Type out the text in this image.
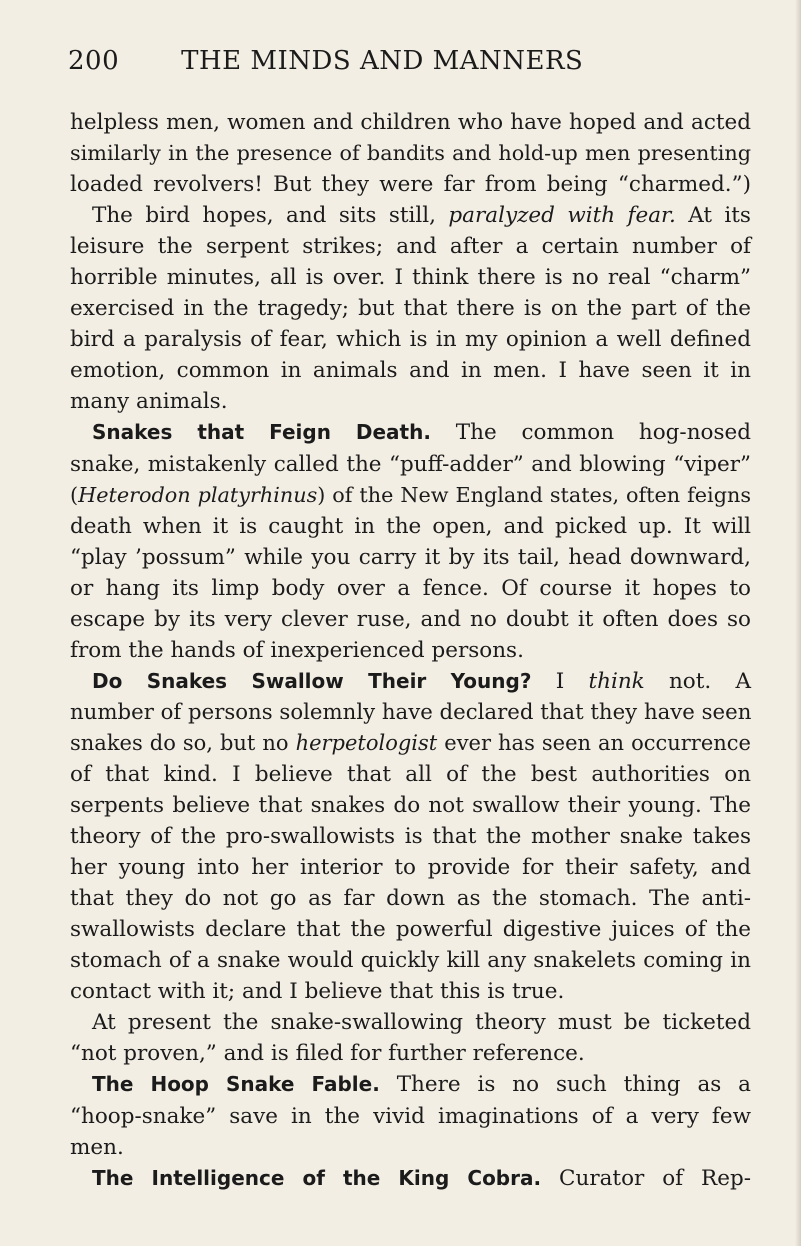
200 THE MINDS AND MANNERS
helpless men, women and children who have hoped and acted
similarly in the presence of bandits and hold-up men presenting
loaded revolvers! But they were far from being “charmed.”)
The bird hopes, and sits still, paralyzed with fear. At its
leisure the serpent strikes; and after a certain number of
horrible minutes, all is over. I think there is no real “charm”
exercised in the tragedy; but that there is on the part of the
bird a paralysis of fear, which is in my opinion a well defined
emotion, common in animals and in men. I have seen it in
many animals.
Snakes that Feign Death. The common hog-nosed
snake, mistakenly called the “puff-adder” and blowing “viper”
(Heterodon platyrhinus) of the New England states, often feigns
death when it is caught in the open, and picked up. It will
“play ’possum” while you carry it by its tail, head downward,
or hang its limp body over a fence. Of course it hopes to
escape by its very clever ruse, and no doubt it often does so
from the hands of inexperienced persons.
Do Snakes Swallow Their Young? I think not. A
number of persons solemnly have declared that they have seen
snakes do so, but no herpetologist ever has seen an occurrence
of that kind. I believe that all of the best authorities on
serpents believe that snakes do not swallow their young. The
theory of the pro-swallowists is that the mother snake takes
her young into her interior to provide for their safety, and
that they do not go as far down as the stomach. The anti-
swallowists declare that the powerful digestive juices of the
stomach of a snake would quickly kill any snakelets coming in
contact with it; and I believe that this is true.
At present the snake-swallowing theory must be ticketed
“not proven,” and is filed for further reference.
The Hoop Snake Fable. There is no such thing as a
“hoop-snake” save in the vivid imaginations of a very few
men.
The Intelligence of the King Cobra. Curator of Rep-
